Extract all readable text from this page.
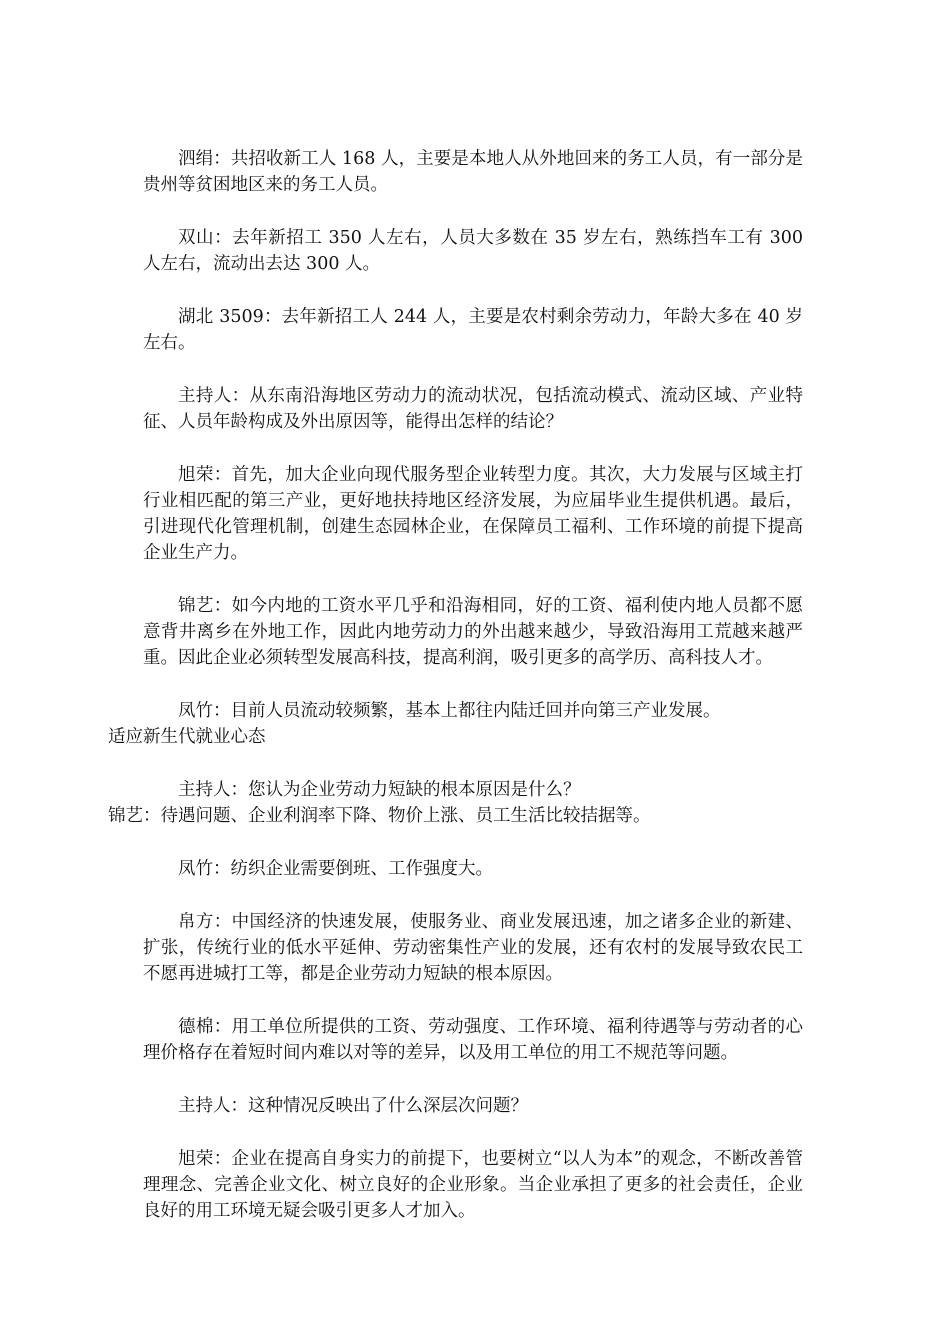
泗绢：共招收新工人 168 人，主要是本地人从外地回来的务工人员，有一部分是贵州等贫困地区来的务工人员。

双山：去年新招工 350 人左右，人员大多数在 35 岁左右，熟练挡车工有 300 人左右，流动出去达 300 人。

湖北 3509：去年新招工人 244 人，主要是农村剩余劳动力，年龄大多在 40 岁左右。

主持人：从东南沿海地区劳动力的流动状况，包括流动模式、流动区域、产业特征、人员年龄构成及外出原因等，能得出怎样的结论？

旭荣：首先，加大企业向现代服务型企业转型力度。其次，大力发展与区域主打行业相匹配的第三产业，更好地扶持地区经济发展，为应届毕业生提供机遇。最后，引进现代化管理机制，创建生态园林企业，在保障员工福利、工作环境的前提下提高企业生产力。

锦艺：如今内地的工资水平几乎和沿海相同，好的工资、福利使内地人员都不愿意背井离乡在外地工作，因此内地劳动力的外出越来越少，导致沿海用工荒越来越严重。因此企业必须转型发展高科技，提高利润，吸引更多的高学历、高科技人才。

凤竹：目前人员流动较频繁，基本上都往内陆迁回并向第三产业发展。
适应新生代就业心态

主持人：您认为企业劳动力短缺的根本原因是什么？
锦艺：待遇问题、企业利润率下降、物价上涨、员工生活比较拮据等。

凤竹：纺织企业需要倒班、工作强度大。

帛方：中国经济的快速发展，使服务业、商业发展迅速，加之诸多企业的新建、扩张，传统行业的低水平延伸、劳动密集性产业的发展，还有农村的发展导致农民工不愿再进城打工等，都是企业劳动力短缺的根本原因。

德棉：用工单位所提供的工资、劳动强度、工作环境、福利待遇等与劳动者的心理价格存在着短时间内难以对等的差异，以及用工单位的用工不规范等问题。

主持人：这种情况反映出了什么深层次问题？

旭荣：企业在提高自身实力的前提下，也要树立“以人为本”的观念，不断改善管理理念、完善企业文化、树立良好的企业形象。当企业承担了更多的社会责任，企业良好的用工环境无疑会吸引更多人才加入。
